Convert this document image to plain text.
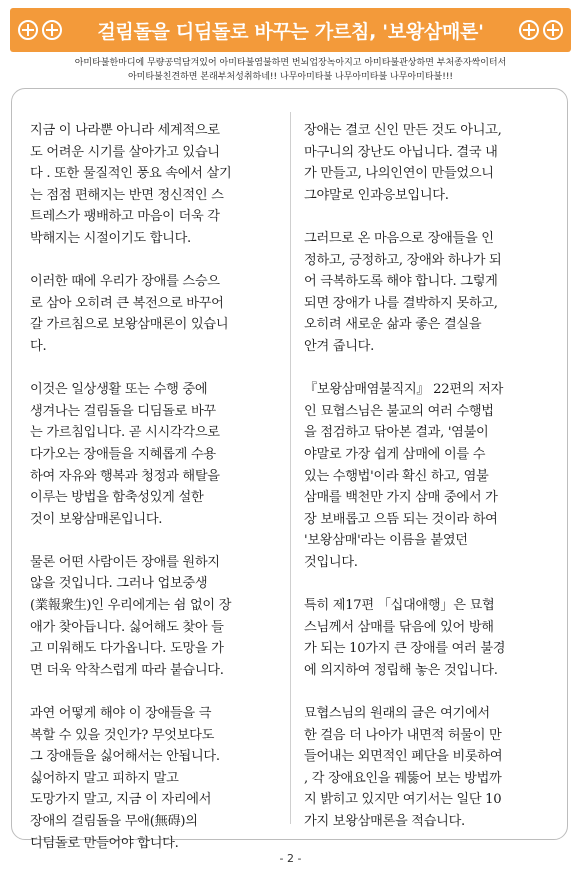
걸림돌을 디딤돌로 바꾸는 가르침, '보왕삼매론'
아미타불한마디에 무량공덕담겨있어 아미타불염불하면 번뇌업장녹아지고 아미타불관상하면 부처종자싹이터서
아미타불친견하면 본래부처성취하네!! 나무아미타불 나무아미타불 나무아미타불!!!

지금 이 나라뿐 아니라 세계적으로
도 어려운 시기를 살아가고 있습니
다 . 또한 물질적인 풍요 속에서 살기
는 점점 편해지는 반면 정신적인 스
트레스가 팽배하고 마음이 더욱 각
박해지는 시절이기도 합니다.

이러한 때에 우리가 장애를 스승으
로 삼아 오히려 큰 복전으로 바꾸어
갈 가르침으로 보왕삼매론이 있습니
다.

이것은 일상생활 또는 수행 중에
생겨나는 걸림돌을 디딤돌로 바꾸
는 가르침입니다. 곧 시시각각으로
다가오는 장애들을 지혜롭게 수용
하여 자유와 행복과 청정과 해탈을
이루는 방법을 함축성있게 설한
것이 보왕삼매론입니다.

물론 어떤 사람이든 장애를 원하지
않을 것입니다. 그러나 업보중생
(業報衆生)인 우리에게는 쉼 없이 장
애가 찾아듭니다. 싫어해도 찾아 들
고 미워해도 다가옵니다. 도망을 가
면 더욱 악착스럽게 따라 붙습니다.

과연 어떻게 해야 이 장애들을 극
복할 수 있을 것인가? 무엇보다도
그 장애들을 싫어해서는 안됩니다.
싫어하지 말고 피하지 말고
도망가지 말고, 지금 이 자리에서
장애의 걸림돌을 무애(無碍)의
디딤돌로 만들어야 합니다.

장애는 결코 신인 만든 것도 아니고,
마구니의 장난도 아닙니다. 결국 내
가 만들고, 나의인연이 만들었으니
그야말로 인과응보입니다.

그러므로 온 마음으로 장애들을 인
정하고, 긍정하고, 장애와 하나가 되
어 극복하도록 해야 합니다. 그렇게
되면 장애가 나를 결박하지 못하고,
오히려 새로운 삶과 좋은 결실을
안겨 줍니다.

『보왕삼매염불직지』 22편의 저자
인 묘협스님은 불교의 여러 수행법
을 점검하고 닦아본 결과, '염불이
야말로 가장 쉽게 삼매에 이를 수
있는 수행법'이라 확신 하고, 염불
삼매를 백천만 가지 삼매 중에서 가
장 보배롭고 으뜸 되는 것이라 하여
'보왕삼매'라는 이름을 붙였던
것입니다.

특히 제17편 「십대애행」은 묘협
스님께서 삼매를 닦음에 있어 방해
가 되는 10가지 큰 장애를 여러 불경
에 의지하여 정립해 놓은 것입니다.

묘협스님의 원래의 글은 여기에서
한 걸음 더 나아가 내면적 허물이 만
들어내는 외면적인 폐단을 비롯하여
, 각 장애요인을 꿰뚫어 보는 방법까
지 밝히고 있지만 여기서는 일단 10
가지 보왕삼매론을 적습니다.

- 2 -
